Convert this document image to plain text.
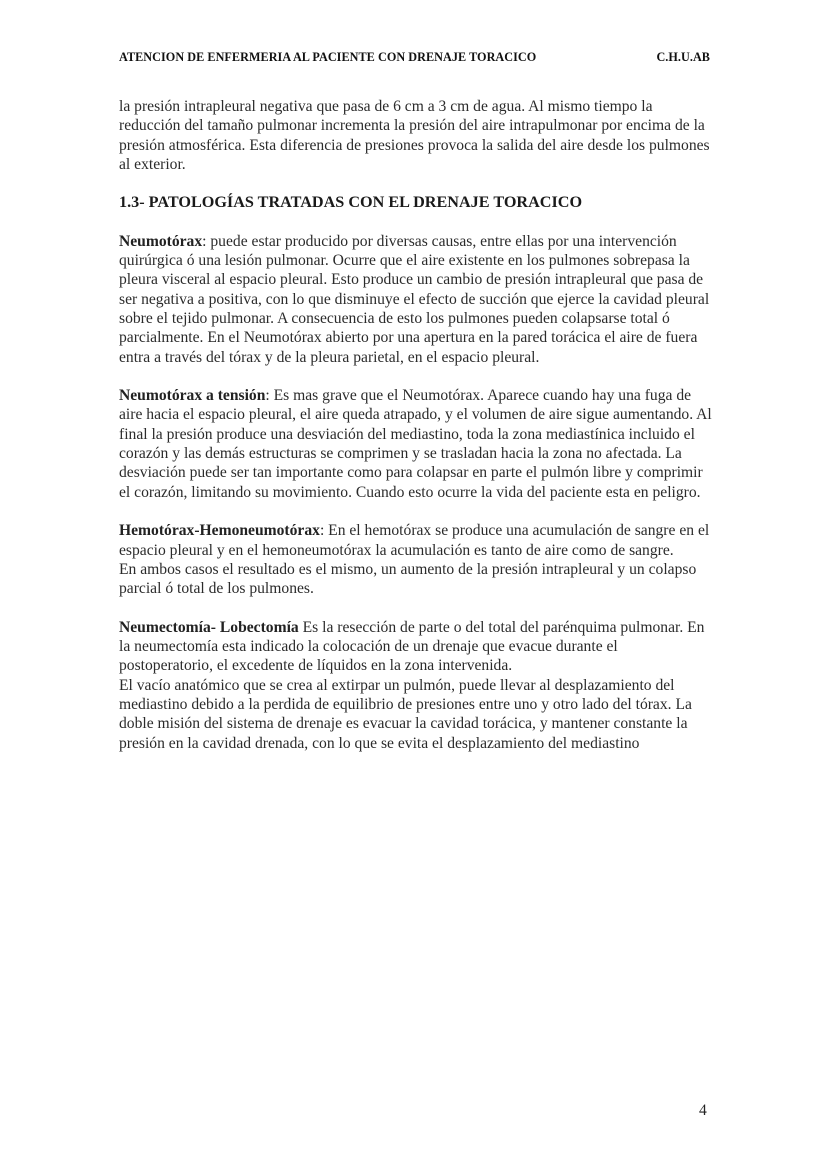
ATENCION DE ENFERMERIA AL PACIENTE CON DRENAJE TORACICO	C.H.U.AB

la presión intrapleural negativa que pasa de 6 cm a 3 cm de agua. Al mismo tiempo la reducción del tamaño pulmonar incrementa la presión del aire intrapulmonar por encima de la presión atmosférica. Esta diferencia de presiones provoca la salida del aire desde los pulmones al exterior.

1.3- PATOLOGÍAS TRATADAS CON EL DRENAJE TORACICO

Neumotórax: puede estar producido por diversas causas, entre ellas por una intervención quirúrgica ó una lesión pulmonar. Ocurre que el aire existente en los pulmones sobrepasa la pleura visceral al espacio pleural. Esto produce un cambio de presión intrapleural que pasa de ser negativa a positiva, con lo que disminuye el efecto de succión que ejerce la cavidad pleural sobre el tejido pulmonar. A consecuencia de esto los pulmones pueden colapsarse total ó parcialmente. En el Neumotórax abierto por una apertura en la pared torácica el aire de fuera entra a través del tórax y de la pleura parietal, en el espacio pleural.

Neumotórax a tensión: Es mas grave que el Neumotórax. Aparece cuando hay una fuga de aire hacia el espacio pleural, el aire queda atrapado, y el volumen de aire sigue aumentando. Al final la presión produce una desviación del mediastino, toda la zona mediastínica incluido el corazón y las demás estructuras se comprimen y se trasladan hacia la zona no afectada. La desviación puede ser tan importante como para colapsar en parte el pulmón libre y comprimir el corazón, limitando su movimiento. Cuando esto ocurre la vida del paciente esta en peligro.

Hemotórax-Hemoneumotórax: En el hemotórax se produce una acumulación de sangre en el espacio pleural y en el hemoneumotórax la acumulación es tanto de aire como de sangre.

En ambos casos el resultado es el mismo, un aumento de la presión intrapleural y un colapso parcial ó total de los pulmones.

Neumectomía- Lobectomía Es la resección de parte o del total del parénquima pulmonar. En la neumectomía esta indicado la colocación de un drenaje que evacue durante el postoperatorio, el excedente de líquidos en la zona intervenida.

El vacío anatómico que se crea al extirpar un pulmón, puede llevar al desplazamiento del mediastino debido a la perdida de equilibrio de presiones entre uno y otro lado del tórax. La doble misión del sistema de drenaje es evacuar la cavidad torácica, y mantener constante la presión en la cavidad drenada, con lo que se evita el desplazamiento del mediastino

4
